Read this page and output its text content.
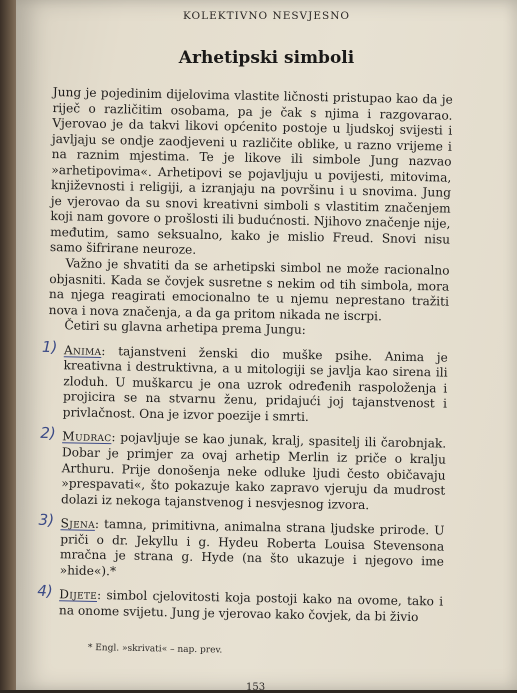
KOLEKTIVNO NESVJESNO
Arhetipski simboli

Jung je pojedinim dijelovima vlastite ličnosti pristupao kao da je riječ o različitim osobama, pa je čak s njima i razgovarao. Vjerovao je da takvi likovi općenito postoje u ljudskoj svijesti i javljaju se ondje zaodjeveni u različite oblike, u razno vrijeme i na raznim mjestima. Te je likove ili simbole Jung nazvao »arhetipovima«. Arhetipovi se pojavljuju u povijesti, mitovima, književnosti i religiji, a izranjaju na površinu i u snovima. Jung je vjerovao da su snovi kreativni simboli s vlastitim značenjem koji nam govore o prošlosti ili budućnosti. Njihovo značenje nije, međutim, samo seksualno, kako je mislio Freud. Snovi nisu samo šifrirane neuroze.

Važno je shvatiti da se arhetipski simbol ne može racionalno objasniti. Kada se čovjek susretne s nekim od tih simbola, mora na njega reagirati emocionalno te u njemu neprestano tražiti nova i nova značenja, a da ga pritom nikada ne iscrpi.

Četiri su glavna arhetipa prema Jungu:

1) Anima: tajanstveni ženski dio muške psihe. Anima je kreativna i destruktivna, a u mitologiji se javlja kao sirena ili zloduh. U muškarcu je ona uzrok određenih raspoloženja i projicira se na stvarnu ženu, pridajući joj tajanstvenost i privlačnost. Ona je izvor poezije i smrti.
2) Mudrac: pojavljuje se kao junak, kralj, spasitelj ili čarobnjak. Dobar je primjer za ovaj arhetip Merlin iz priče o kralju Arthuru. Prije donošenja neke odluke ljudi često običavaju »prespavati«, što pokazuje kako zapravo vjeruju da mudrost dolazi iz nekoga tajanstvenog i nesvjesnog izvora.
3) Sjena: tamna, primitivna, animalna strana ljudske prirode. U priči o dr. Jekyllu i g. Hydeu Roberta Louisa Stevensona mračna je strana g. Hyde (na što ukazuje i njegovo ime »hide«).*
4) Dijete: simbol cjelovitosti koja postoji kako na ovome, tako i na onome svijetu. Jung je vjerovao kako čovjek, da bi živio
* Engl. »skrivati« – nap. prev.
153
